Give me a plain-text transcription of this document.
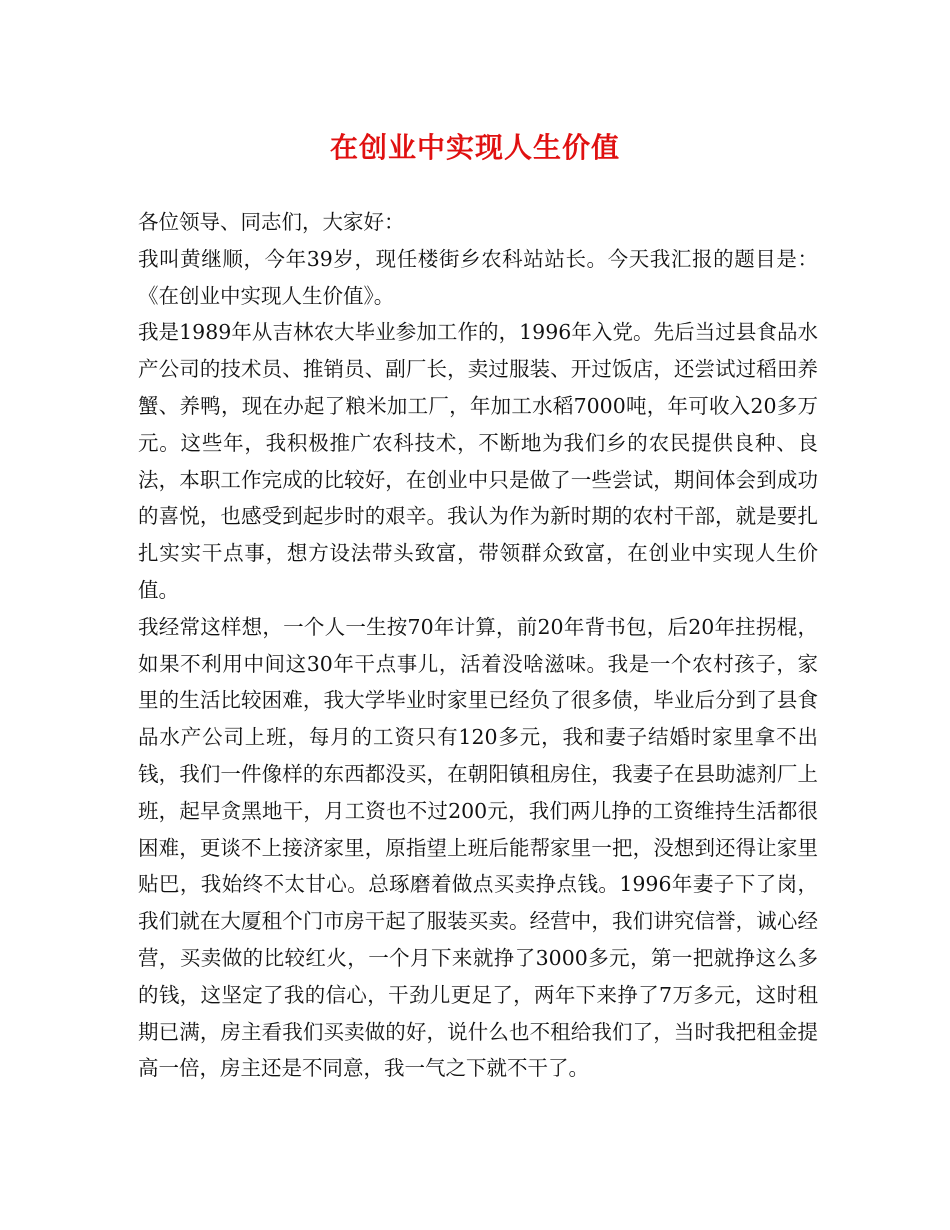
在创业中实现人生价值

各位领导、同志们，大家好：

我叫黄继顺，今年39岁，现任楼街乡农科站站长。今天我汇报的题目是：《在创业中实现人生价值》。

我是1989年从吉林农大毕业参加工作的，1996年入党。先后当过县食品水产公司的技术员、推销员、副厂长，卖过服装、开过饭店，还尝试过稻田养蟹、养鸭，现在办起了粮米加工厂，年加工水稻7000吨，年可收入20多万元。这些年，我积极推广农科技术，不断地为我们乡的农民提供良种、良法，本职工作完成的比较好，在创业中只是做了一些尝试，期间体会到成功的喜悦，也感受到起步时的艰辛。我认为作为新时期的农村干部，就是要扎扎实实干点事，想方设法带头致富，带领群众致富，在创业中实现人生价值。

我经常这样想，一个人一生按70年计算，前20年背书包，后20年拄拐棍，如果不利用中间这30年干点事儿，活着没啥滋味。我是一个农村孩子，家里的生活比较困难，我大学毕业时家里已经负了很多债，毕业后分到了县食品水产公司上班，每月的工资只有120多元，我和妻子结婚时家里拿不出钱，我们一件像样的东西都没买，在朝阳镇租房住，我妻子在县助滤剂厂上班，起早贪黑地干，月工资也不过200元，我们两儿挣的工资维持生活都很困难，更谈不上接济家里，原指望上班后能帮家里一把，没想到还得让家里贴巴，我始终不太甘心。总琢磨着做点买卖挣点钱。1996年妻子下了岗，我们就在大厦租个门市房干起了服装买卖。经营中，我们讲究信誉，诚心经营，买卖做的比较红火，一个月下来就挣了3000多元，第一把就挣这么多的钱，这坚定了我的信心，干劲儿更足了，两年下来挣了7万多元，这时租期已满，房主看我们买卖做的好，说什么也不租给我们了，当时我把租金提高一倍，房主还是不同意，我一气之下就不干了。
